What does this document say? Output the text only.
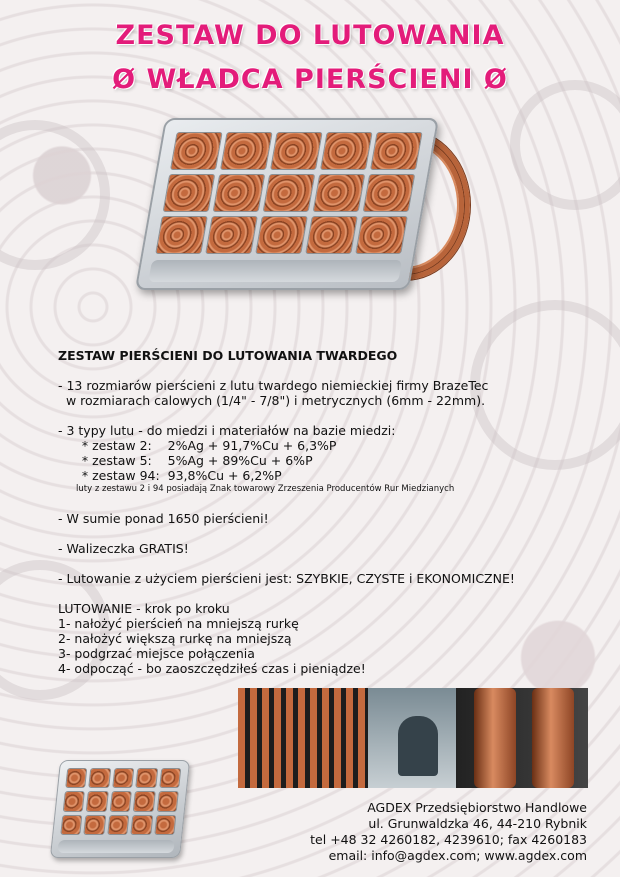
ZESTAW DO LUTOWANIA
Ø WŁADCA PIERŚCIENI Ø

ZESTAW PIERŚCIENI DO LUTOWANIA TWARDEGO

- 13 rozmiarów pierścieni z lutu twardego niemieckiej firmy BrazeTec

w rozmiarach calowych (1/4" - 7/8") i metrycznych (6mm - 22mm).

- 3 typy lutu - do miedzi i materiałów na bazie miedzi:

* zestaw 2:    2%Ag + 91,7%Cu + 6,3%P

* zestaw 5:    5%Ag + 89%Cu + 6%P

* zestaw 94:  93,8%Cu + 6,2%P

luty z zestawu 2 i 94 posiadają Znak towarowy Zrzeszenia Producentów Rur Miedzianych

- W sumie ponad 1650 pierścieni!

- Walizeczka GRATIS!

- Lutowanie z użyciem pierścieni jest: SZYBKIE, CZYSTE i EKONOMICZNE!

LUTOWANIE - krok po kroku

1- nałożyć pierścień na mniejszą rurkę

2- nałożyć większą rurkę na mniejszą

3- podgrzać miejsce połączenia

4- odpocząć - bo zaoszczędziłeś czas i pieniądze!

AGDEX Przedsiębiorstwo Handlowe
ul. Grunwaldzka 46, 44-210 Rybnik
tel +48 32 4260182, 4239610; fax 4260183
email: info@agdex.com; www.agdex.com
